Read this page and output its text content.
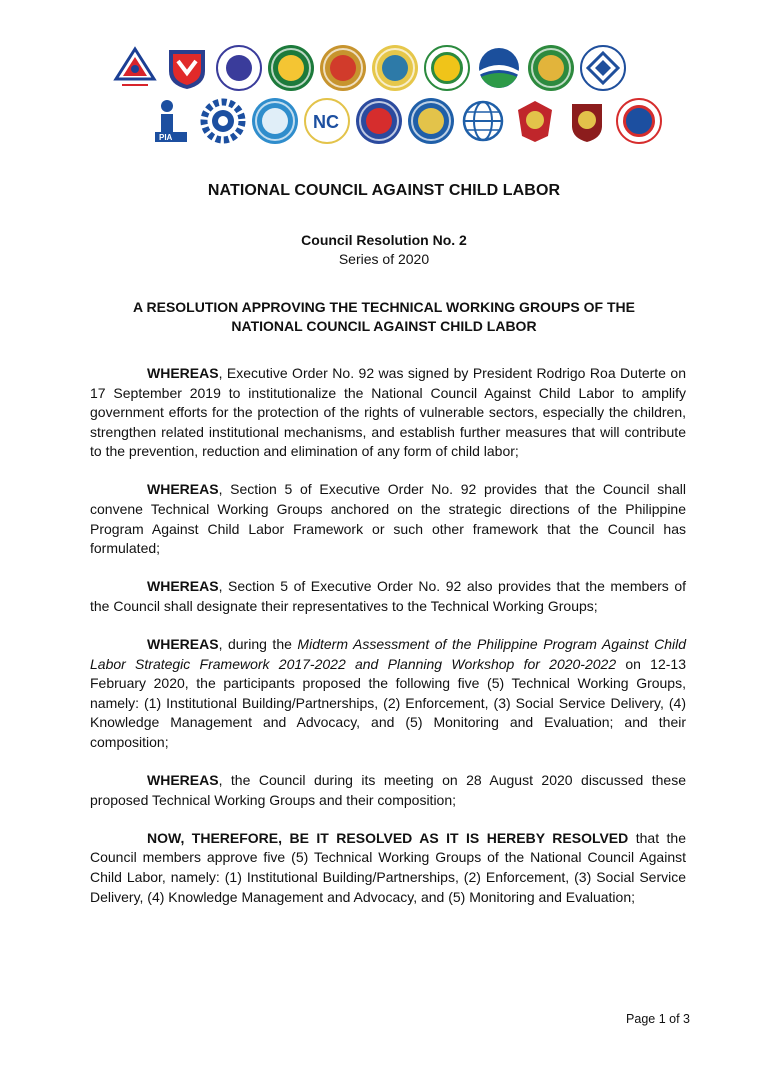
PIA
NC
NATIONAL COUNCIL AGAINST CHILD LABOR
Council Resolution No. 2
Series of 2020
A RESOLUTION APPROVING THE TECHNICAL WORKING GROUPS OF THE
NATIONAL COUNCIL AGAINST CHILD LABOR

WHEREAS, Executive Order No. 92 was signed by President Rodrigo Roa Duterte on 17 September 2019 to institutionalize the National Council Against Child Labor to amplify government efforts for the protection of the rights of vulnerable sectors, especially the children, strengthen related institutional mechanisms, and establish further measures that will contribute to the prevention, reduction and elimination of any form of child labor;

WHEREAS, Section 5 of Executive Order No. 92 provides that the Council shall convene Technical Working Groups anchored on the strategic directions of the Philippine Program Against Child Labor Framework or such other framework that the Council has formulated;

WHEREAS, Section 5 of Executive Order No. 92 also provides that the members of the Council shall designate their representatives to the Technical Working Groups;

WHEREAS, during the Midterm Assessment of the Philippine Program Against Child Labor Strategic Framework 2017-2022 and Planning Workshop for 2020-2022 on 12-13 February 2020, the participants proposed the following five (5) Technical Working Groups, namely: (1) Institutional Building/Partnerships, (2) Enforcement, (3) Social Service Delivery, (4) Knowledge Management and Advocacy, and (5) Monitoring and Evaluation; and their composition;

WHEREAS, the Council during its meeting on 28 August 2020 discussed these proposed Technical Working Groups and their composition;

NOW, THEREFORE, BE IT RESOLVED AS IT IS HEREBY RESOLVED that the Council members approve five (5) Technical Working Groups of the National Council Against Child Labor, namely: (1) Institutional Building/Partnerships, (2) Enforcement, (3) Social Service Delivery, (4) Knowledge Management and Advocacy, and (5) Monitoring and Evaluation;

Page 1 of 3
